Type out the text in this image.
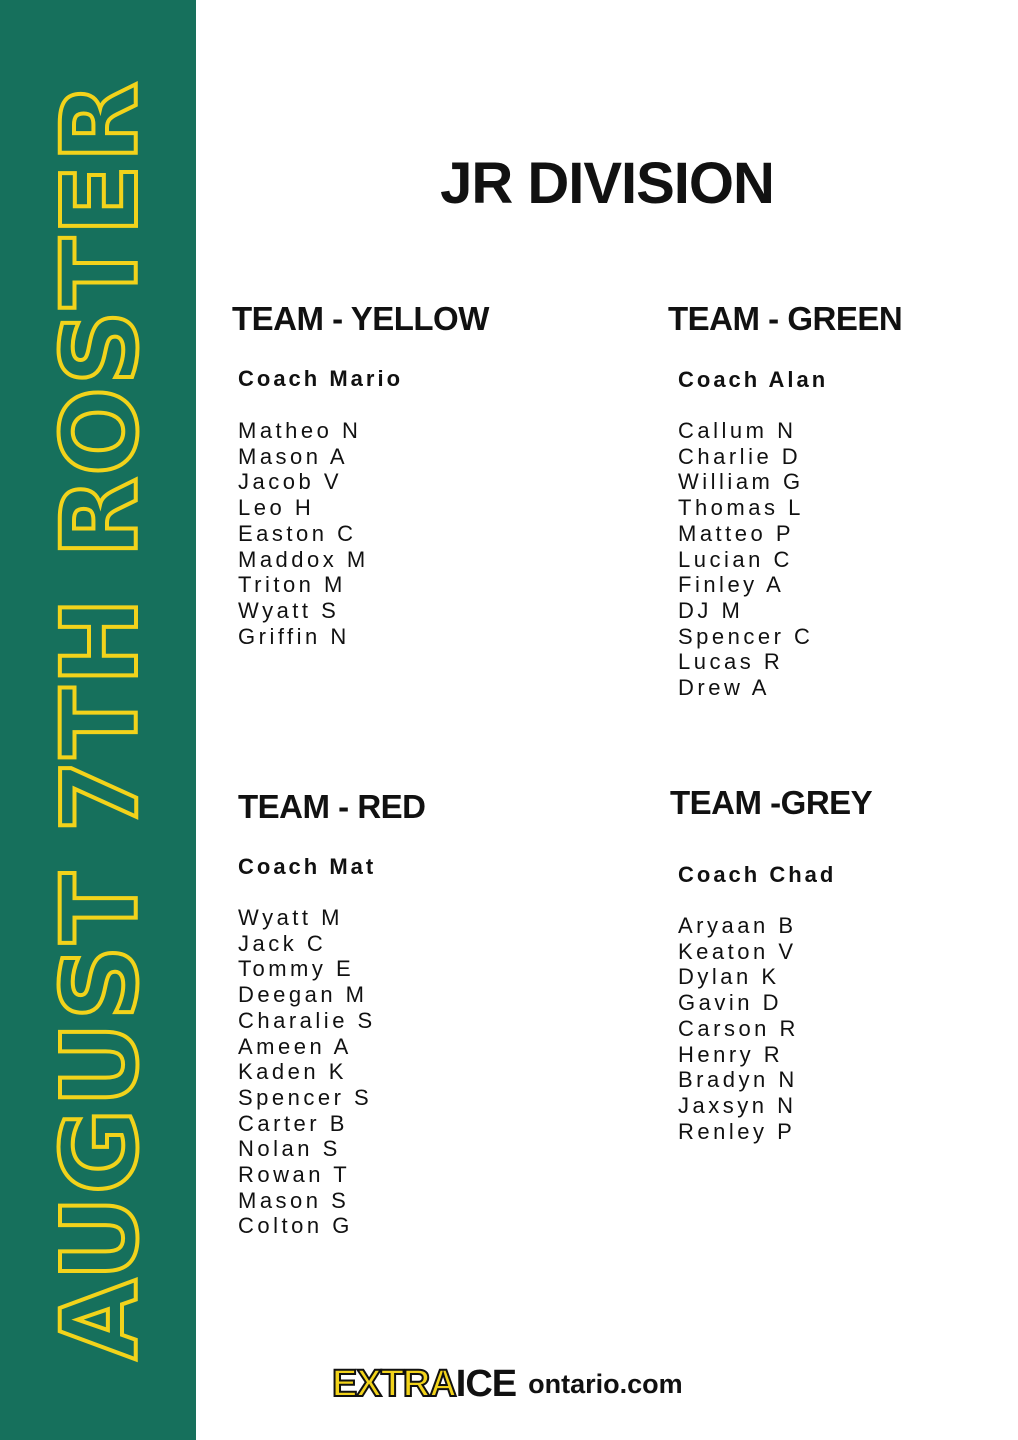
AUGUST 7TH ROSTER	JR DIVISION
TEAM - YELLOW

Coach Mario

Matheo N
Mason A
Jacob V
Leo H
Easton C
Maddox M
Triton M
Wyatt S
Griffin N
TEAM - GREEN

Coach Alan

Callum N
Charlie D
William G
Thomas L
Matteo P
Lucian C
Finley A
DJ M
Spencer C
Lucas R
Drew A
TEAM - RED

Coach Mat

Wyatt M
Jack C
Tommy E
Deegan M
Charalie S
Ameen A
Kaden K
Spencer S
Carter B
Nolan S
Rowan T
Mason S
Colton G
TEAM -GREY

Coach Chad

Aryaan B
Keaton V
Dylan K
Gavin D
Carson R
Henry R
Bradyn N
Jaxsyn N
Renley P
EXTRA ICE ontario.com
